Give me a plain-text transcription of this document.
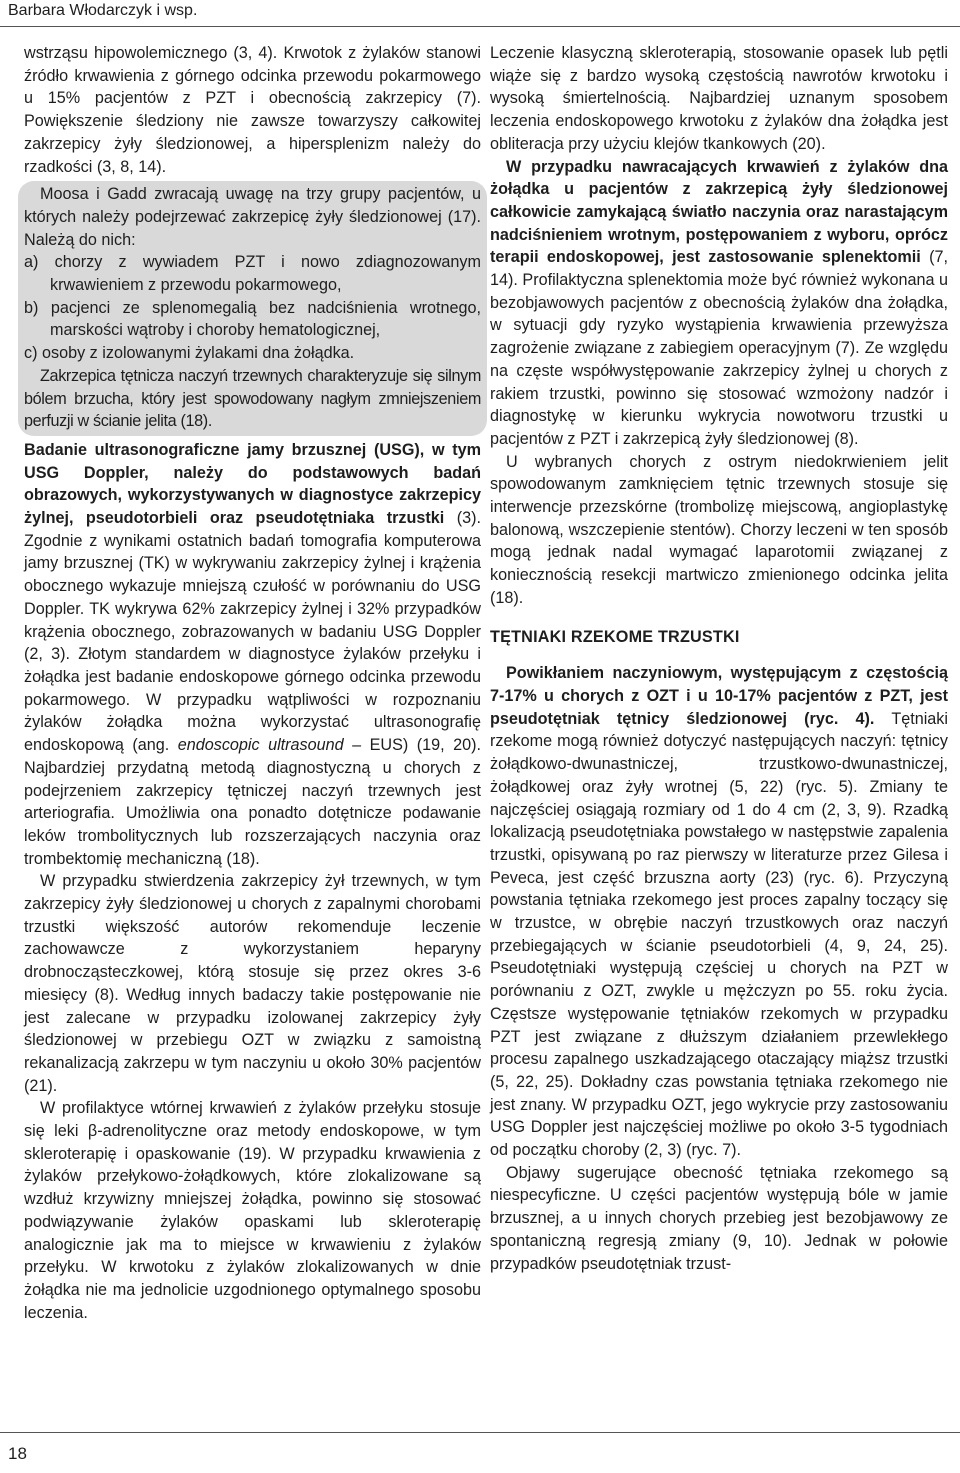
Barbara Włodarczyk i wsp.

wstrząsu hipowolemicznego (3, 4). Krwotok z żylaków stanowi źródło krwawienia z górnego odcinka przewodu pokarmowego u 15% pacjentów z PZT i obecnością zakrzepicy (7). Powiększenie śledziony nie zawsze towarzyszy całkowitej zakrzepicy żyły śledzionowej, a hipersplenizm należy do rzadkości (3, 8, 14).

Moosa i Gadd zwracają uwagę na trzy grupy pacjentów, u których należy podejrzewać zakrzepicę żyły śledzionowej (17). Należą do nich:

a) chorzy z wywiadem PZT i nowo zdiagnozowanym krwawieniem z przewodu pokarmowego,
b) pacjenci ze splenomegalią bez nadciśnienia wrotnego, marskości wątroby i choroby hematologicznej,
c) osoby z izolowanymi żylakami dna żołądka.

Zakrzepica tętnicza naczyń trzewnych charakteryzuje się silnym bólem brzucha, który jest spowodowany nagłym zmniejszeniem perfuzji w ścianie jelita (18).

Badanie ultrasonograficzne jamy brzusznej (USG), w tym USG Doppler, należy do podstawowych badań obrazowych, wykorzystywanych w diagnostyce zakrzepicy żylnej, pseudotorbieli oraz pseudotętniaka trzustki (3). Zgodnie z wynikami ostatnich badań tomografia komputerowa jamy brzusznej (TK) w wykrywaniu zakrzepicy żylnej i krążenia obocznego wykazuje mniejszą czułość w porównaniu do USG Doppler. TK wykrywa 62% zakrzepicy żylnej i 32% przypadków krążenia obocznego, zobrazowanych w badaniu USG Doppler (2, 3). Złotym standardem w diagnostyce żylaków przełyku i żołądka jest badanie endoskopowe górnego odcinka przewodu pokarmowego. W przypadku wątpliwości w rozpoznaniu żylaków żołądka można wykorzystać ultrasonografię endoskopową (ang. endoscopic ultrasound – EUS) (19, 20). Najbardziej przydatną metodą diagnostyczną u chorych z podejrzeniem zakrzepicy tętniczej naczyń trzewnych jest arteriografia. Umożliwia ona ponadto dotętnicze podawanie leków trombolitycznych lub rozszerzających naczynia oraz trombektomię mechaniczną (18).

W przypadku stwierdzenia zakrzepicy żył trzewnych, w tym zakrzepicy żyły śledzionowej u chorych z zapalnymi chorobami trzustki większość autorów rekomenduje leczenie zachowawcze z wykorzystaniem heparyny drobnocząsteczkowej, którą stosuje się przez okres 3-6 miesięcy (8). Według innych badaczy takie postępowanie nie jest zalecane w przypadku izolowanej zakrzepicy żyły śledzionowej w przebiegu OZT w związku z samoistną rekanalizacją zakrzepu w tym naczyniu u około 30% pacjentów (21).

W profilaktyce wtórnej krwawień z żylaków przełyku stosuje się leki β-adrenolityczne oraz metody endoskopowe, w tym skleroterapię i opaskowanie (19). W przypadku krwawienia z żylaków przełykowo-żołądkowych, które zlokalizowane są wzdłuż krzywizny mniejszej żołądka, powinno się stosować podwiązywanie żylaków opaskami lub skleroterapię analogicznie jak ma to miejsce w krwawieniu z żylaków przełyku. W krwotoku z żylaków zlokalizowanych w dnie żołądka nie ma jednolicie uzgodnionego optymalnego sposobu leczenia.

Leczenie klasyczną skleroterapią, stosowanie opasek lub pętli wiąże się z bardzo wysoką częstością nawrotów krwotoku i wysoką śmiertelnością. Najbardziej uznanym sposobem leczenia endoskopowego krwotoku z żylaków dna żołądka jest obliteracja przy użyciu klejów tkankowych (20).

W przypadku nawracających krwawień z żylaków dna żołądka u pacjentów z zakrzepicą żyły śledzionowej całkowicie zamykającą światło naczynia oraz narastającym nadciśnieniem wrotnym, postępowaniem z wyboru, oprócz terapii endoskopowej, jest zastosowanie splenektomii (7, 14). Profilaktyczna splenektomia może być również wykonana u bezobjawowych pacjentów z obecnością żylaków dna żołądka, w sytuacji gdy ryzyko wystąpienia krwawienia przewyższa zagrożenie związane z zabiegiem operacyjnym (7). Ze względu na częste współwystępowanie zakrzepicy żylnej u chorych z rakiem trzustki, powinno się stosować wzmożony nadzór i diagnostykę w kierunku wykrycia nowotworu trzustki u pacjentów z PZT i zakrzepicą żyły śledzionowej (8).

U wybranych chorych z ostrym niedokrwieniem jelit spowodowanym zamknięciem tętnic trzewnych stosuje się interwencje przezskórne (trombolizę miejscową, angioplastykę balonową, wszczepienie stentów). Chorzy leczeni w ten sposób mogą jednak nadal wymagać laparotomii związanej z koniecznością resekcji martwiczo zmienionego odcinka jelita (18).

TĘTNIAKI RZEKOME TRZUSTKI

Powikłaniem naczyniowym, występującym z częstością 7-17% u chorych z OZT i u 10-17% pacjentów z PZT, jest pseudotętniak tętnicy śledzionowej (ryc. 4). Tętniaki rzekome mogą również dotyczyć następujących naczyń: tętnicy żołądkowo-dwunastniczej, trzustkowo-dwunastniczej, żołądkowej oraz żyły wrotnej (5, 22) (ryc. 5). Zmiany te najczęściej osiągają rozmiary od 1 do 4 cm (2, 3, 9). Rzadką lokalizacją pseudotętniaka powstałego w następstwie zapalenia trzustki, opisywaną po raz pierwszy w literaturze przez Gilesa i Peveca, jest część brzuszna aorty (23) (ryc. 6). Przyczyną powstania tętniaka rzekomego jest proces zapalny toczący się w trzustce, w obrębie naczyń trzustkowych oraz naczyń przebiegających w ścianie pseudotorbieli (4, 9, 24, 25). Pseudotętniaki występują częściej u chorych na PZT w porównaniu z OZT, zwykle u mężczyzn po 55. roku życia. Częstsze występowanie tętniaków rzekomych w przypadku PZT jest związane z dłuższym działaniem przewlekłego procesu zapalnego uszkadzającego otaczający miąższ trzustki (5, 22, 25). Dokładny czas powstania tętniaka rzekomego nie jest znany. W przypadku OZT, jego wykrycie przy zastosowaniu USG Doppler jest najczęściej możliwe po około 3-5 tygodniach od początku choroby (2, 3) (ryc. 7).

Objawy sugerujące obecność tętniaka rzekomego są niespecyficzne. U części pacjentów występują bóle w jamie brzusznej, a u innych chorych przebieg jest bezobjawowy ze spontaniczną regresją zmiany (9, 10). Jednak w połowie przypadków pseudotętniak trzust-

18
